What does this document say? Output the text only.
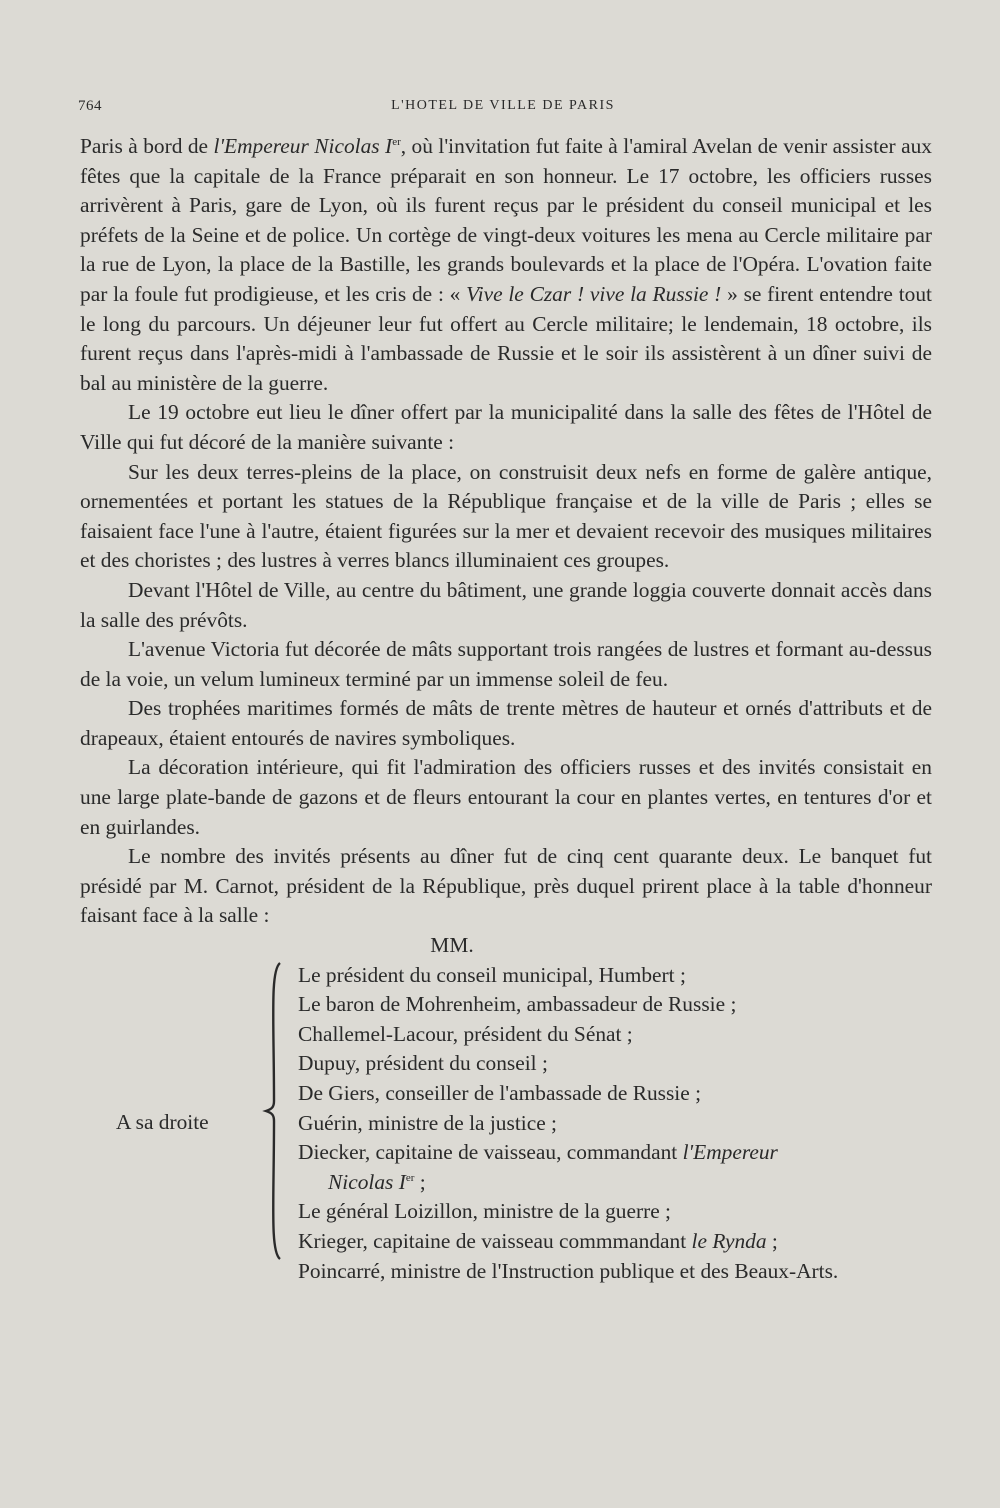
764	L'HOTEL DE VILLE DE PARIS

Paris à bord de l'Empereur Nicolas Ier, où l'invitation fut faite à l'amiral Avelan de venir assister aux fêtes que la capitale de la France préparait en son honneur. Le 17 octobre, les officiers russes arrivèrent à Paris, gare de Lyon, où ils furent reçus par le président du conseil municipal et les préfets de la Seine et de police. Un cortège de vingt-deux voitures les mena au Cercle militaire par la rue de Lyon, la place de la Bastille, les grands boulevards et la place de l'Opéra. L'ovation faite par la foule fut prodigieuse, et les cris de : « Vive le Czar ! vive la Russie ! » se firent entendre tout le long du parcours. Un déjeuner leur fut offert au Cercle militaire; le lendemain, 18 octobre, ils furent reçus dans l'après-midi à l'ambassade de Russie et le soir ils assistèrent à un dîner suivi de bal au ministère de la guerre.

Le 19 octobre eut lieu le dîner offert par la municipalité dans la salle des fêtes de l'Hôtel de Ville qui fut décoré de la manière suivante :

Sur les deux terres-pleins de la place, on construisit deux nefs en forme de galère antique, ornementées et portant les statues de la République française et de la ville de Paris ; elles se faisaient face l'une à l'autre, étaient figurées sur la mer et devaient recevoir des musiques militaires et des choristes ; des lustres à verres blancs illuminaient ces groupes.

Devant l'Hôtel de Ville, au centre du bâtiment, une grande loggia couverte donnait accès dans la salle des prévôts.

L'avenue Victoria fut décorée de mâts supportant trois rangées de lustres et formant au-dessus de la voie, un velum lumineux terminé par un immense soleil de feu.

Des trophées maritimes formés de mâts de trente mètres de hauteur et ornés d'attributs et de drapeaux, étaient entourés de navires symboliques.

La décoration intérieure, qui fit l'admiration des officiers russes et des invités consistait en une large plate-bande de gazons et de fleurs entourant la cour en plantes vertes, en tentures d'or et en guirlandes.

Le nombre des invités présents au dîner fut de cinq cent quarante deux. Le banquet fut présidé par M. Carnot, président de la République, près duquel prirent place à la table d'honneur faisant face à la salle :

MM.

A sa droite
Le président du conseil municipal, Humbert ;
Le baron de Mohrenheim, ambassadeur de Russie ;
Challemel-Lacour, président du Sénat ;
Dupuy, président du conseil ;
De Giers, conseiller de l'ambassade de Russie ;
Guérin, ministre de la justice ;
Diecker, capitaine de vaisseau, commandant l'Empereur
Nicolas Ier ;
Le général Loizillon, ministre de la guerre ;
Krieger, capitaine de vaisseau commmandant le Rynda ;
Poincarré, ministre de l'Instruction publique et des Beaux-Arts.
